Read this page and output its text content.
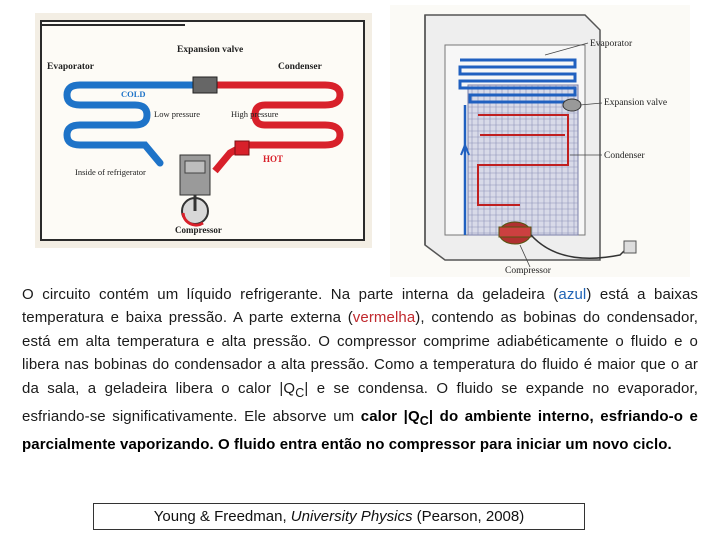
Expansion valve
Evaporator	Condenser
COLD
Low pressure	High pressure
HOT
Inside of refrigerator
Compressor
Evaporator
Expansion valve
Condenser
Compressor
O circuito contém um líquido refrigerante. Na parte interna da geladeira (azul) está a baixas temperatura e baixa pressão. A parte externa (vermelha), contendo as bobinas do condensador, está em alta temperatura e alta pressão. O compressor comprime adiabéticamente o fluido e o libera nas bobinas do condensador a alta pressão. Como a temperatura do fluido é maior que o ar da sala, a geladeira libera o calor $|Q_C|$ e se condensa. O fluido se expande no evaporador, esfriando-se significativamente. Ele absorve um calor $|Q_C|$ do ambiente interno, esfriando-o e parcialmente vaporizando. O fluido entra então no compressor para iniciar um novo ciclo.
Young & Freedman, University Physics (Pearson, 2008)
